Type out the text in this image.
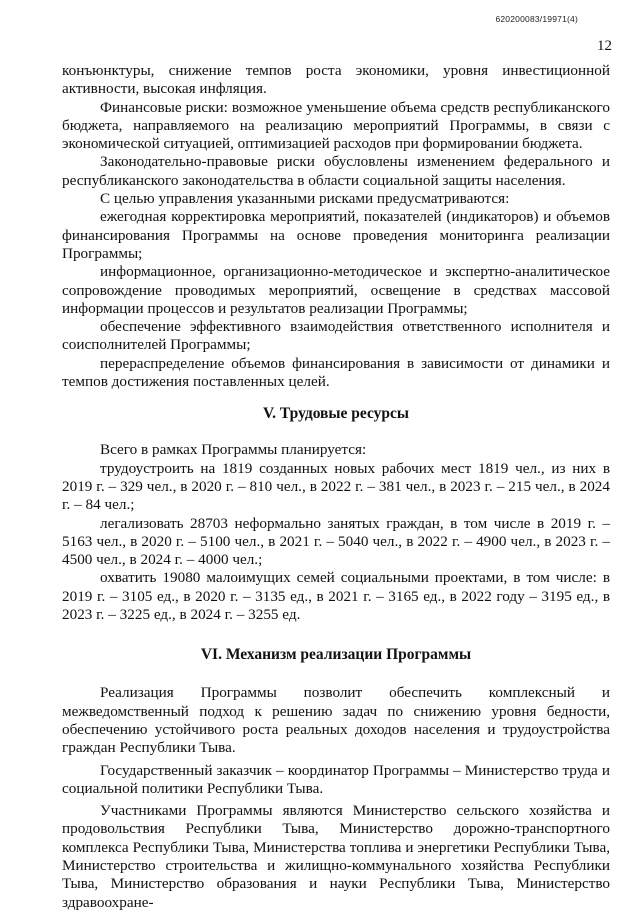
620200083/19971(4)
12

конъюнктуры, снижение темпов роста экономики, уровня инвестиционной активности, высокая инфляция.

Финансовые риски: возможное уменьшение объема средств республиканского бюджета, направляемого на реализацию мероприятий Программы, в связи с экономической ситуацией, оптимизацией расходов при формировании бюджета.

Законодательно-правовые риски обусловлены изменением федерального и республиканского законодательства в области социальной защиты населения.

С целью управления указанными рисками предусматриваются:

ежегодная корректировка мероприятий, показателей (индикаторов) и объемов финансирования Программы на основе проведения мониторинга реализации Программы;

информационное, организационно-методическое и экспертно-аналитическое сопровождение проводимых мероприятий, освещение в средствах массовой информации процессов и результатов реализации Программы;

обеспечение эффективного взаимодействия ответственного исполнителя и соисполнителей Программы;

перераспределение объемов финансирования в зависимости от динамики и темпов достижения поставленных целей.

V. Трудовые ресурсы

Всего в рамках Программы планируется:

трудоустроить на 1819 созданных новых рабочих мест 1819 чел., из них в 2019 г. – 329 чел., в 2020 г. – 810 чел., в 2022 г. – 381 чел., в 2023 г. – 215 чел., в 2024 г. – 84 чел.;

легализовать 28703 неформально занятых граждан, в том числе в 2019 г. – 5163 чел., в 2020 г. – 5100 чел., в 2021 г. – 5040 чел., в 2022 г. – 4900 чел., в 2023 г. – 4500 чел., в 2024 г. – 4000 чел.;

охватить 19080 малоимущих семей социальными проектами, в том числе: в 2019 г. – 3105 ед., в 2020 г. – 3135 ед., в 2021 г. – 3165 ед., в 2022 году – 3195 ед., в 2023 г. – 3225 ед., в 2024 г. – 3255 ед.

VI. Механизм реализации Программы

Реализация Программы позволит обеспечить комплексный и межведомственный подход к решению задач по снижению уровня бедности, обеспечению устойчивого роста реальных доходов населения и трудоустройства граждан Республики Тыва.

Государственный заказчик – координатор Программы – Министерство труда и социальной политики Республики Тыва.

Участниками Программы являются Министерство сельского хозяйства и продовольствия Республики Тыва, Министерство дорожно-транспортного комплекса Республики Тыва, Министерства топлива и энергетики Республики Тыва, Министерство строительства и жилищно-коммунального хозяйства Республики Тыва, Министерство образования и науки Республики Тыва, Министерство здравоохране-
